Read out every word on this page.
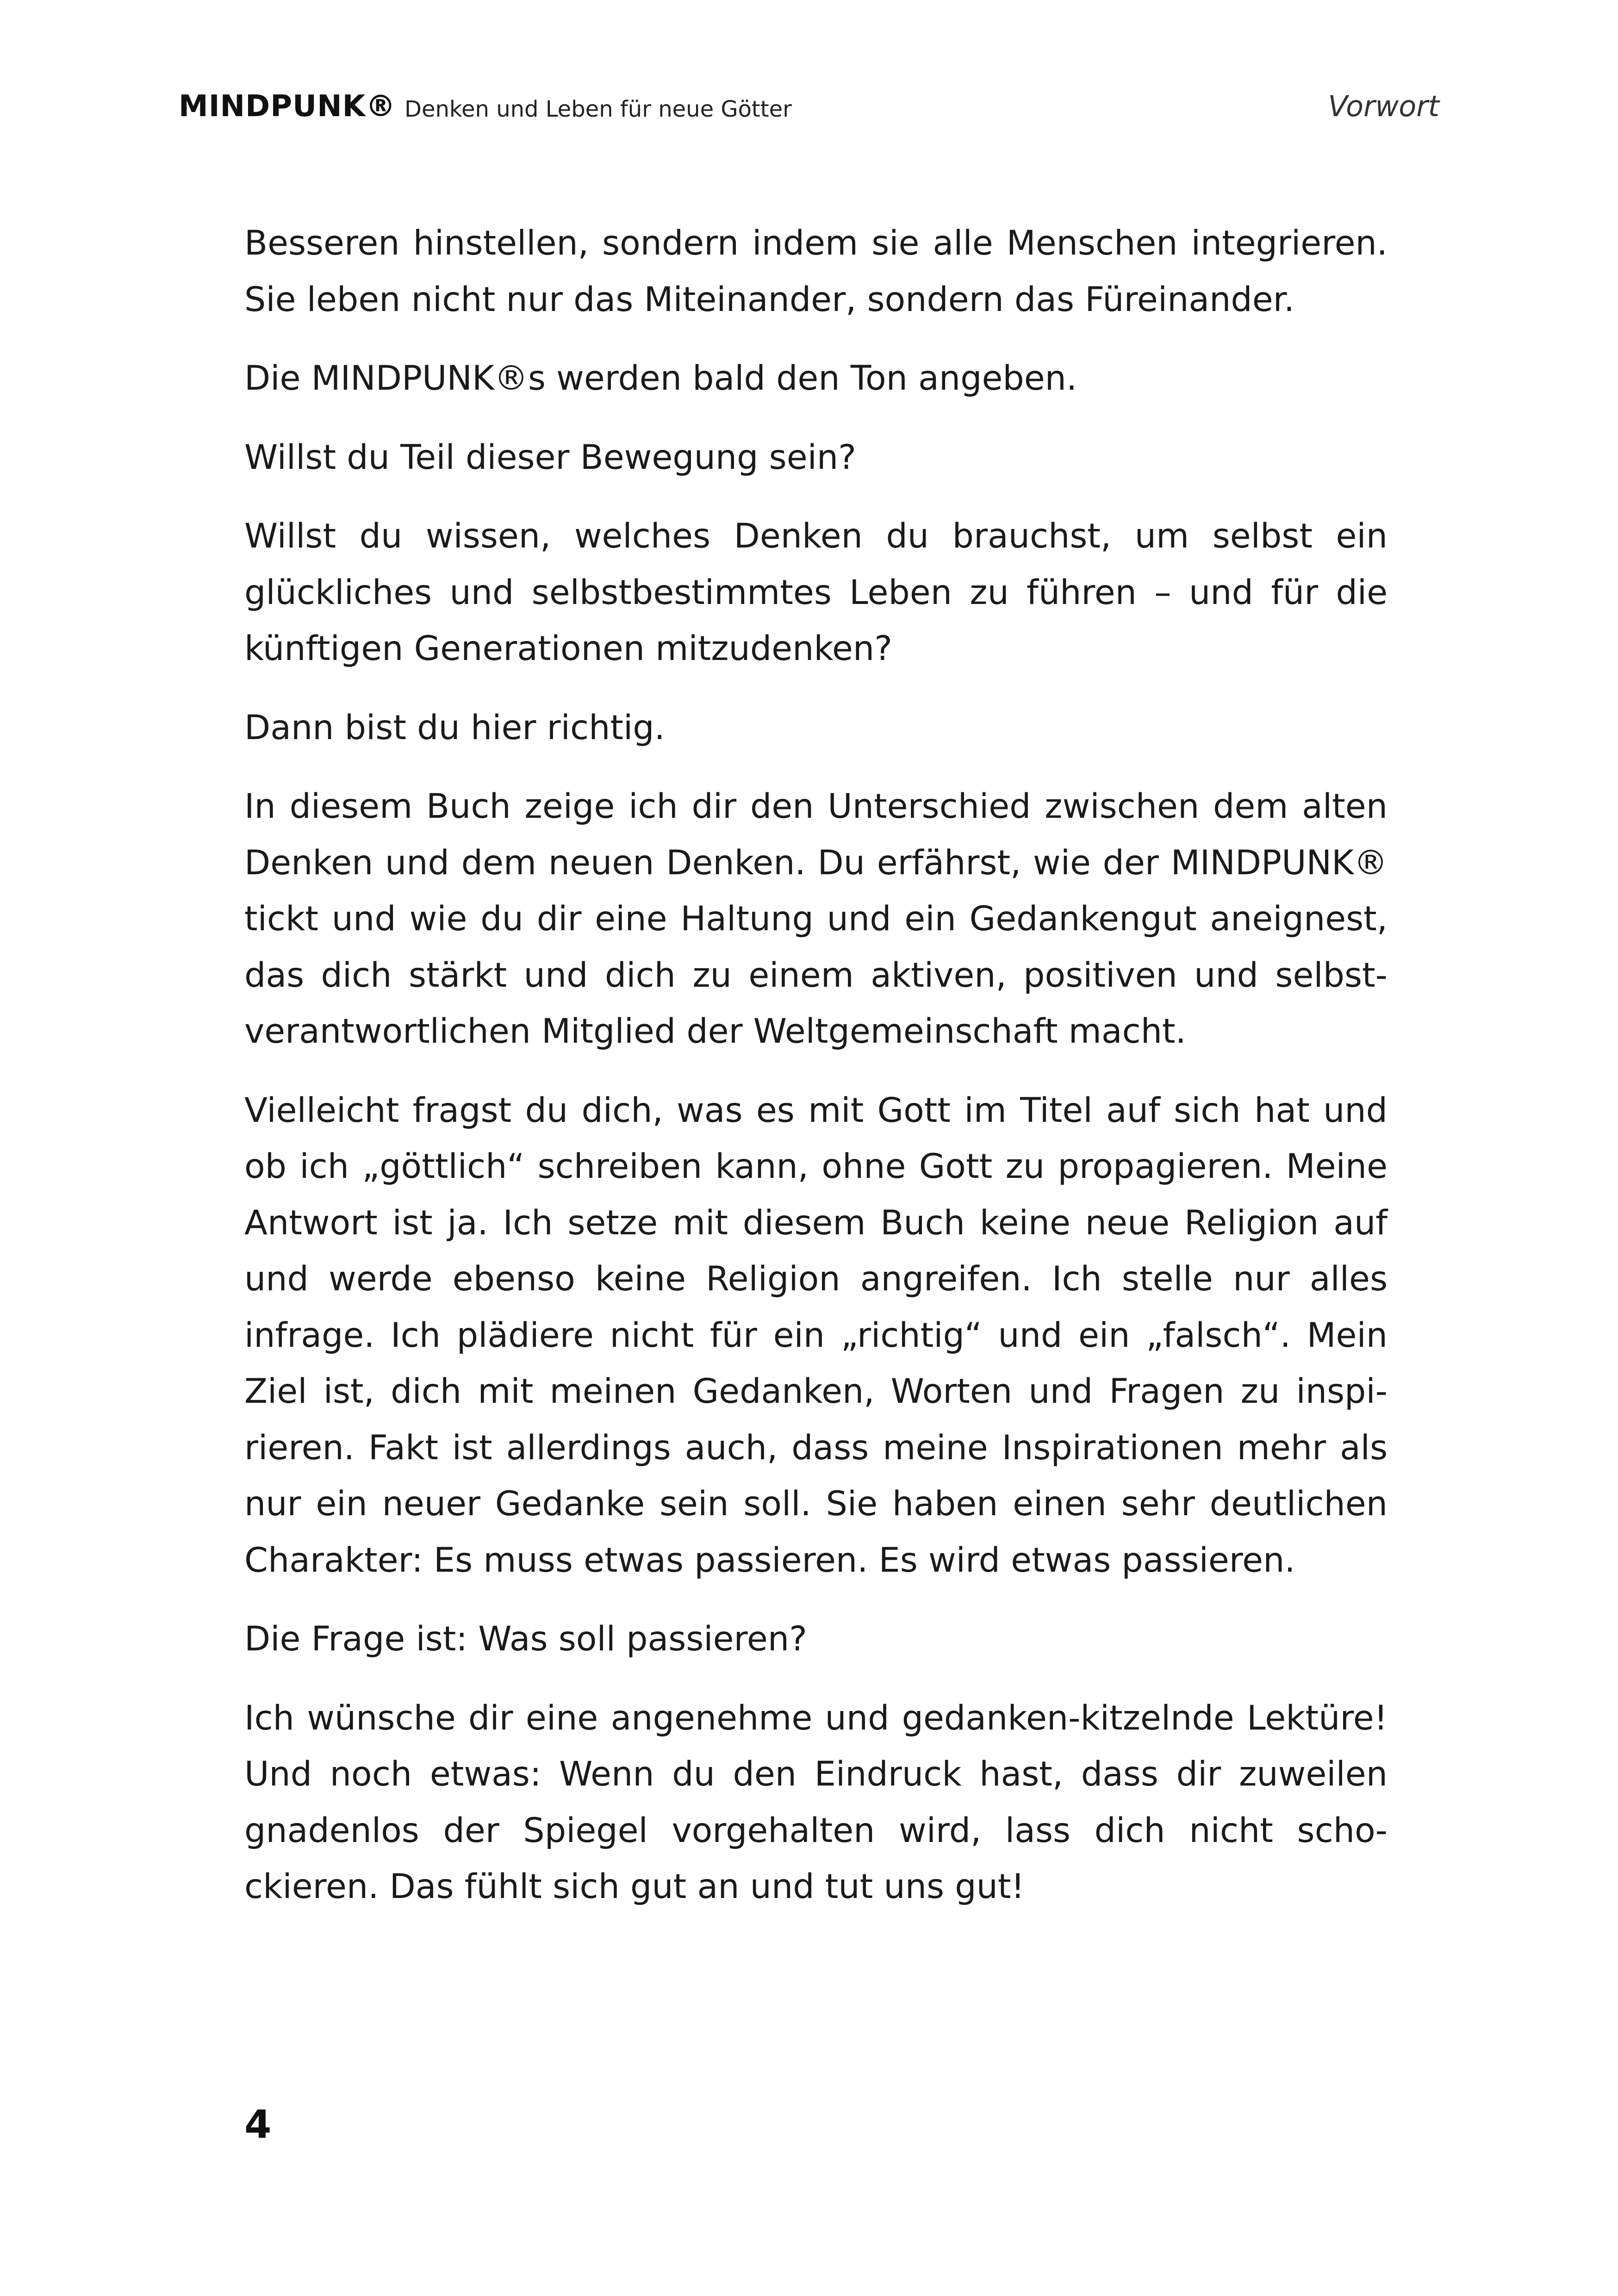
MINDPUNK® Denken und Leben für neue Götter	Vorwort

Besseren hinstellen, sondern indem sie alle Menschen integrieren. Sie leben nicht nur das Miteinander, sondern das Füreinander.

Die MINDPUNK®s werden bald den Ton angeben.

Willst du Teil dieser Bewegung sein?

Willst du wissen, welches Denken du brauchst, um selbst ein glückliches und selbstbestimmtes Leben zu führen – und für die künftigen Generationen mitzudenken?

Dann bist du hier richtig.

In diesem Buch zeige ich dir den Unterschied zwischen dem alten Denken und dem neuen Denken. Du erfährst, wie der MINDPUNK® tickt und wie du dir eine Haltung und ein Gedankengut aneignest, das dich stärkt und dich zu einem aktiven, positiven und selbstverantwortlichen Mitglied der Weltgemeinschaft macht.

Vielleicht fragst du dich, was es mit Gott im Titel auf sich hat und ob ich „göttlich“ schreiben kann, ohne Gott zu propagieren. Meine Antwort ist ja. Ich setze mit diesem Buch keine neue Religion auf und werde ebenso keine Religion angreifen. Ich stelle nur alles infrage. Ich plädiere nicht für ein „richtig“ und ein „falsch“. Mein Ziel ist, dich mit meinen Gedanken, Worten und Fragen zu inspirieren. Fakt ist allerdings auch, dass meine Inspirationen mehr als nur ein neuer Gedanke sein soll. Sie haben einen sehr deutlichen Charakter: Es muss etwas passieren. Es wird etwas passieren.

Die Frage ist: Was soll passieren?

Ich wünsche dir eine angenehme und gedanken-kitzelnde Lektüre! Und noch etwas: Wenn du den Eindruck hast, dass dir zuweilen gnadenlos der Spiegel vorgehalten wird, lass dich nicht schockieren. Das fühlt sich gut an und tut uns gut!

4
